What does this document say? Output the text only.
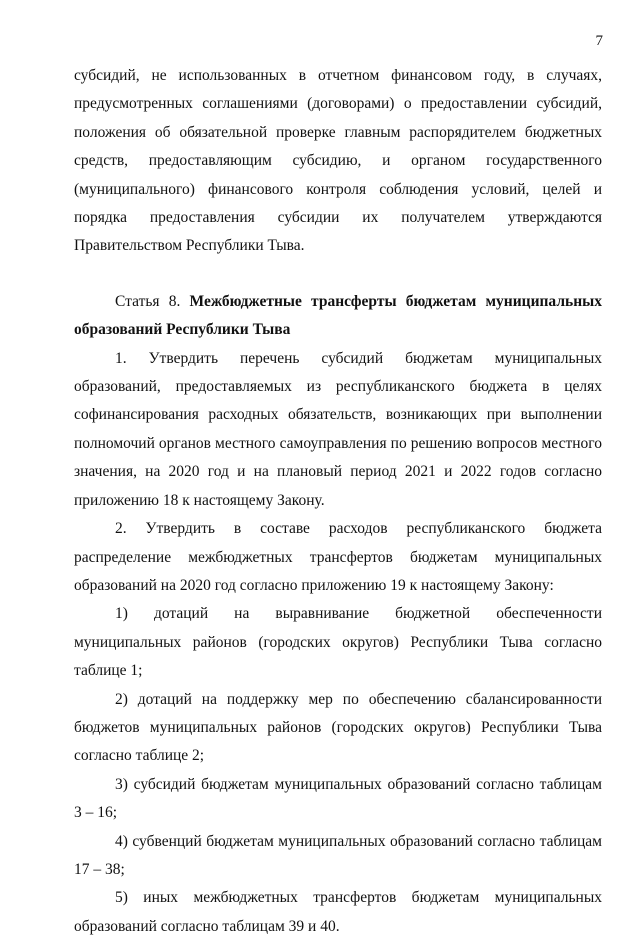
7

субсидий, не использованных в отчетном финансовом году, в случаях, предусмотренных соглашениями (договорами) о предоставлении субсидий, положения об обязательной проверке главным распорядителем бюджетных средств, предоставляющим субсидию, и органом государственного (муниципального) финансового контроля соблюдения условий, целей и порядка предоставления субсидии их получателем утверждаются Правительством Республики Тыва.

Статья 8. Межбюджетные трансферты бюджетам муниципальных образований Республики Тыва

1. Утвердить перечень субсидий бюджетам муниципальных образований, предоставляемых из республиканского бюджета в целях софинансирования расходных обязательств, возникающих при выполнении полномочий органов местного самоуправления по решению вопросов местного значения, на 2020 год и на плановый период 2021 и 2022 годов согласно приложению 18 к настоящему Закону.

2. Утвердить в составе расходов республиканского бюджета распределение межбюджетных трансфертов бюджетам муниципальных образований на 2020 год согласно приложению 19 к настоящему Закону:

1) дотаций на выравнивание бюджетной обеспеченности муниципальных районов (городских округов) Республики Тыва согласно таблице 1;

2) дотаций на поддержку мер по обеспечению сбалансированности бюджетов муниципальных районов (городских округов) Республики Тыва согласно таблице 2;

3) субсидий бюджетам муниципальных образований согласно таблицам 3 – 16;

4) субвенций бюджетам муниципальных образований согласно таблицам 17 – 38;

5) иных межбюджетных трансфертов бюджетам муниципальных образований согласно таблицам 39 и 40.
